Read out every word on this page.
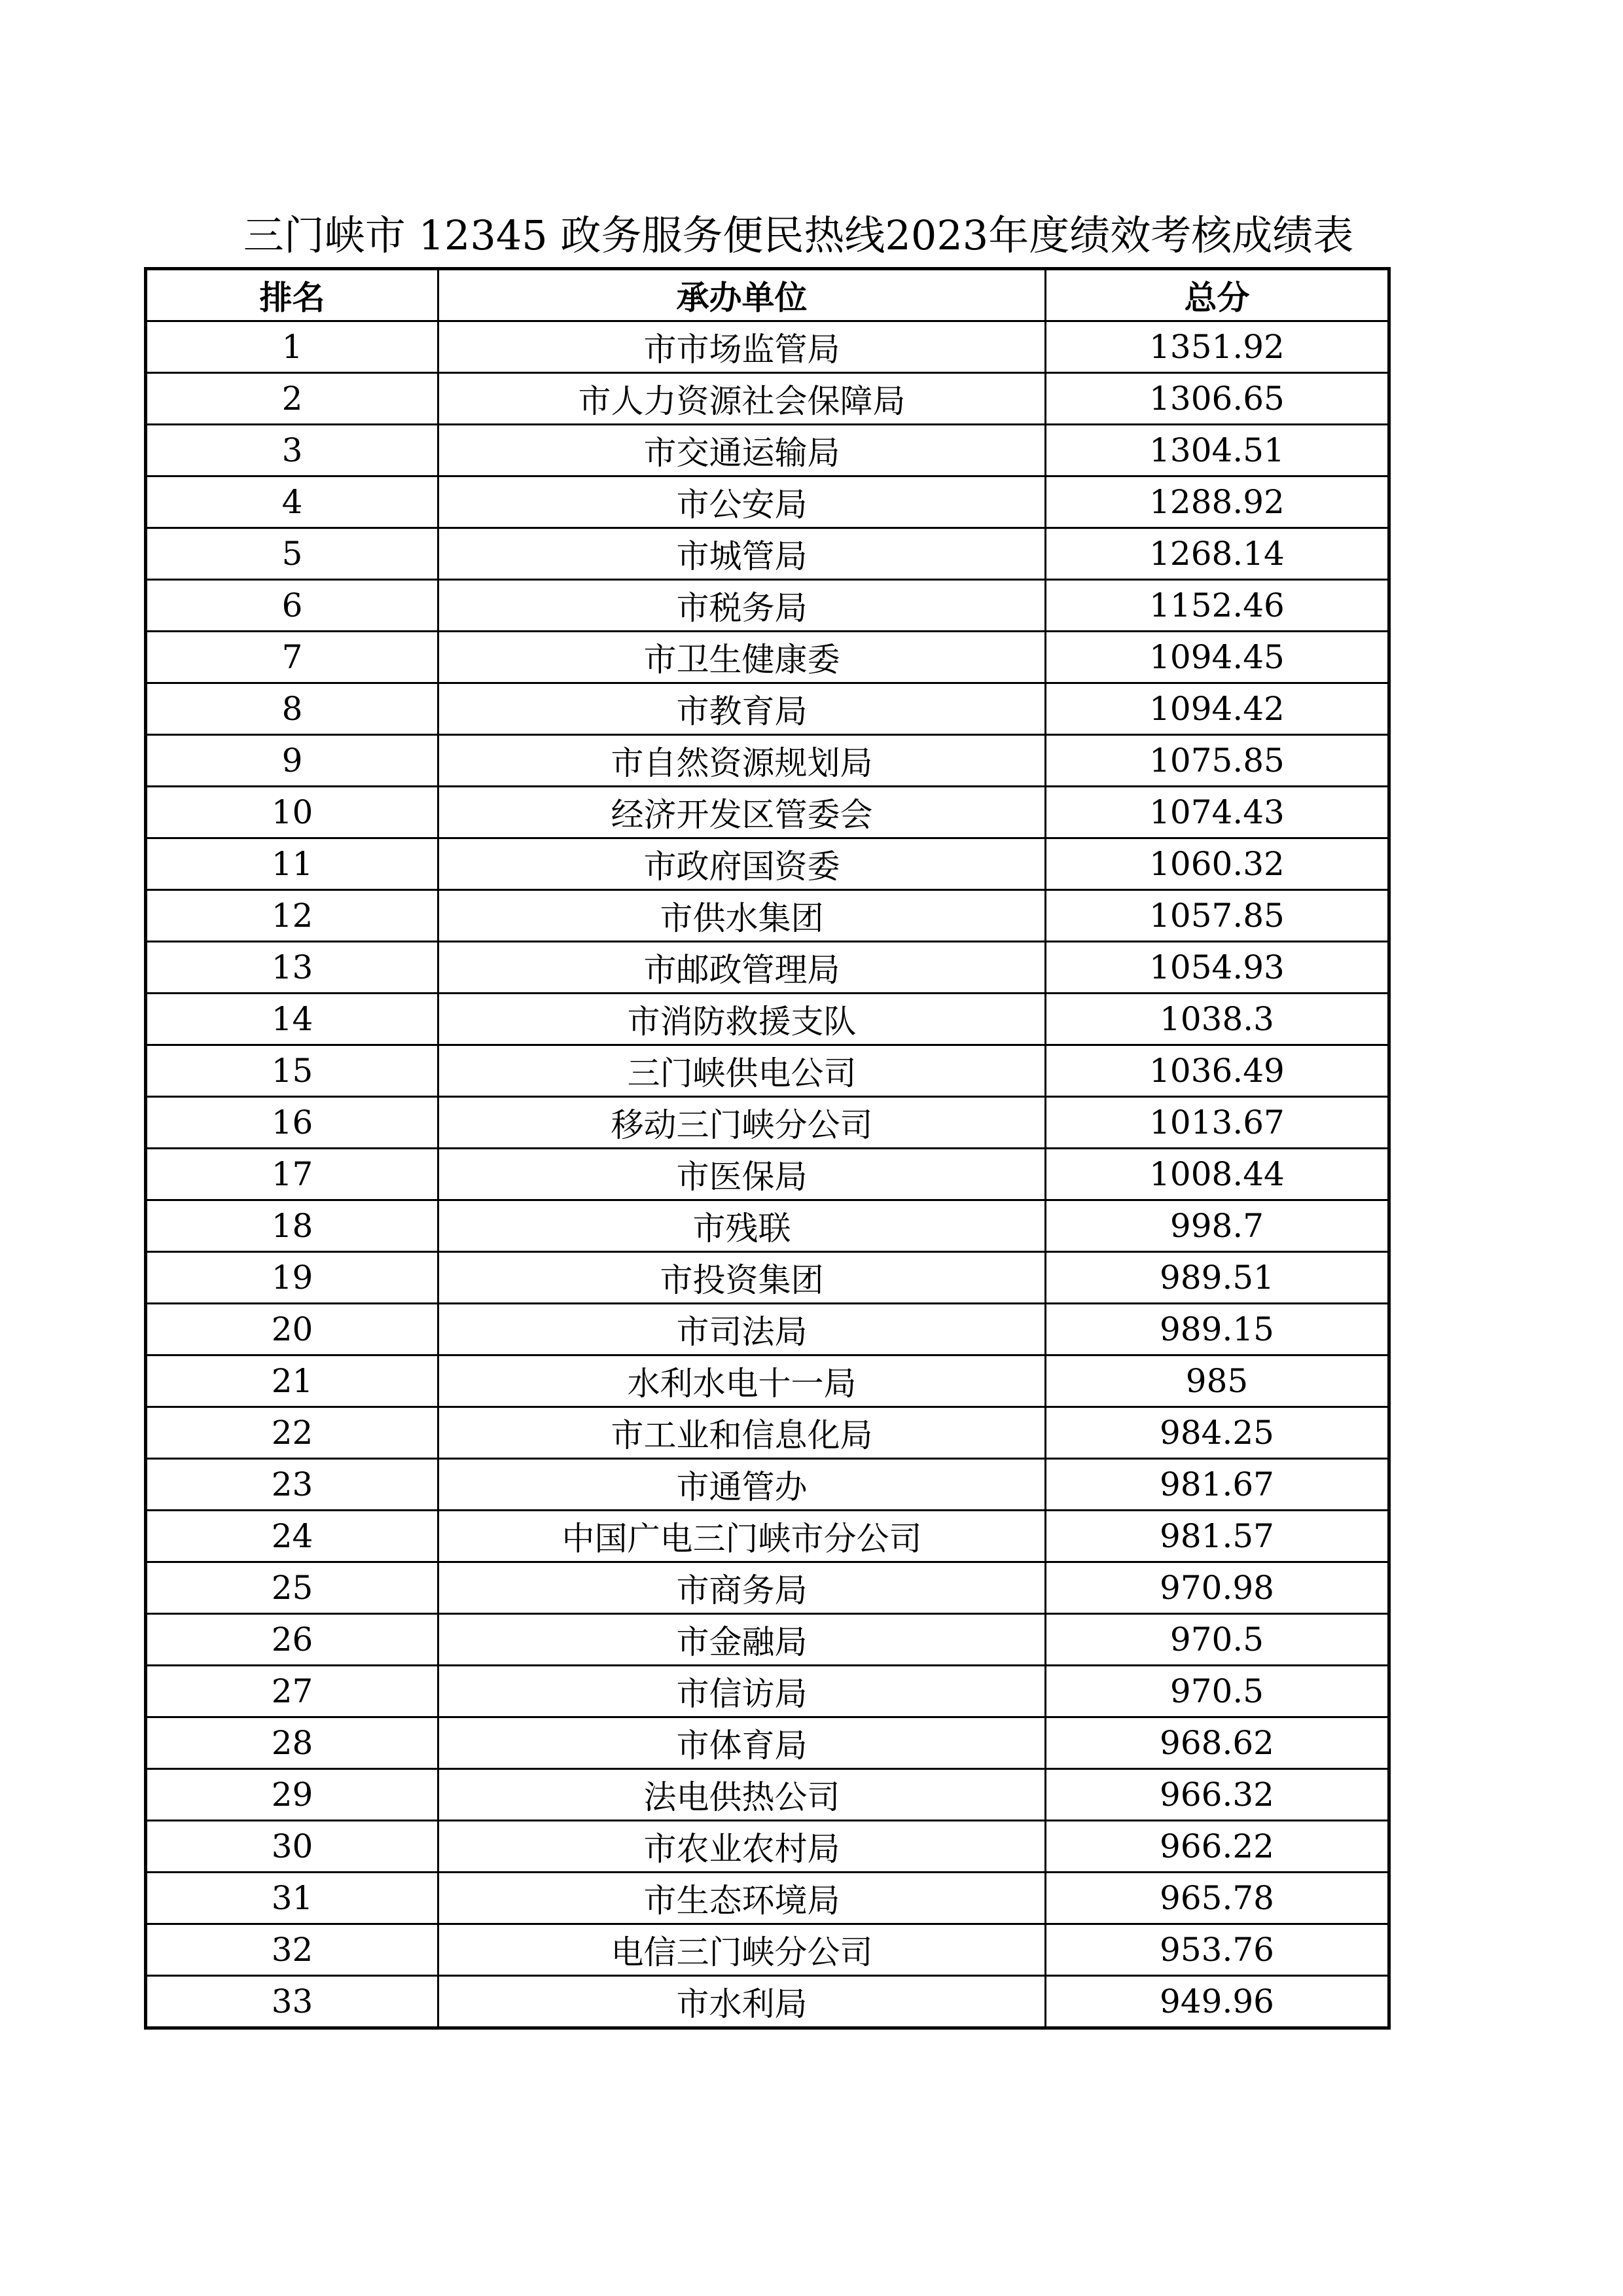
三门峡市 12345 政务服务便民热线2023年度绩效考核成绩表
排名	承办单位	总分
1	市市场监管局	1351.92
2	市人力资源社会保障局	1306.65
3	市交通运输局	1304.51
4	市公安局	1288.92
5	市城管局	1268.14
6	市税务局	1152.46
7	市卫生健康委	1094.45
8	市教育局	1094.42
9	市自然资源规划局	1075.85
10	经济开发区管委会	1074.43
11	市政府国资委	1060.32
12	市供水集团	1057.85
13	市邮政管理局	1054.93
14	市消防救援支队	1038.3
15	三门峡供电公司	1036.49
16	移动三门峡分公司	1013.67
17	市医保局	1008.44
18	市残联	998.7
19	市投资集团	989.51
20	市司法局	989.15
21	水利水电十一局	985
22	市工业和信息化局	984.25
23	市通管办	981.67
24	中国广电三门峡市分公司	981.57
25	市商务局	970.98
26	市金融局	970.5
27	市信访局	970.5
28	市体育局	968.62
29	法电供热公司	966.32
30	市农业农村局	966.22
31	市生态环境局	965.78
32	电信三门峡分公司	953.76
33	市水利局	949.96
